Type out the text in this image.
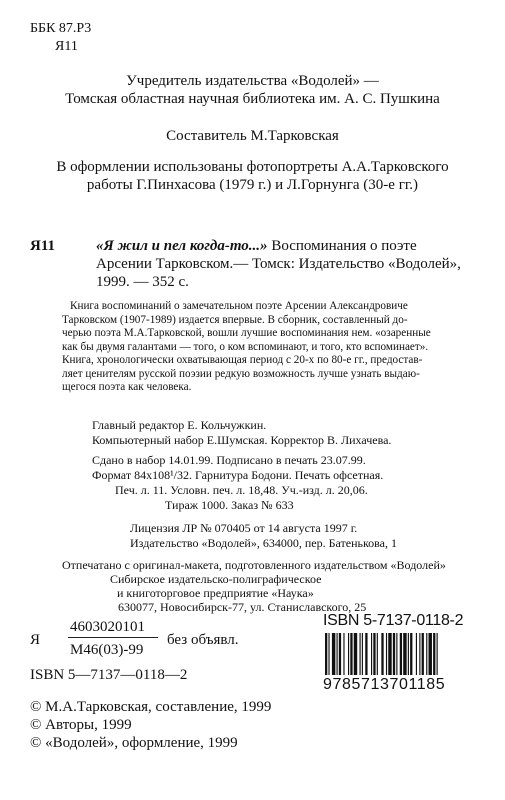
ББК 87.Р3
Я11
Учредитель издательства «Водолей» —
Томская областная научная библиотека им. А. С. Пушкина
Составитель М.Тарковская
В оформлении использованы фотопортреты А.А.Тарковского
работы Г.Пинхасова (1979 г.) и Л.Горнунга (30-е гг.)
Я11	«Я жил и пел когда-то...» Воспоминания о поэте
Арсении Тарковском.— Томск: Издательство «Водолей»,
1999. — 352 с.
Книга воспоминаний о замечательном поэте Арсении Александровиче
Тарковском (1907-1989) издается впервые. В сборник, составленный до-
черью поэта М.А.Тарковской, вошли лучшие воспоминания нем. «озаренные
как бы двумя галантами — того, о ком вспоминают, и того, кто вспоминает».
Книга, хронологически охватывающая период с 20-х по 80-е гг., предостав-
ляет ценителям русской поэзии редкую возможность лучше узнать выдаю-
щегося поэта как человека.
Главный редактор Е. Кольчужкин.
Компьютерный набор Е.Шумская. Корректор В. Лихачева.
Сдано в набор 14.01.99. Подписано в печать 23.07.99.
Формат 84х108¹/32. Гарнитура Бодони. Печать офсетная.
Печ. л. 11. Условн. печ. л. 18,48. Уч.-изд. л. 20,06.
Тираж 1000. Заказ № 633
Лицензия ЛР № 070405 от 14 августа 1997 г.
Издательство «Водолей», 634000, пер. Батенькова, 1
Отпечатано с оригинал-макета, подготовленного издательством «Водолей»
Сибирское издательско-полиграфическое
и книготорговое предприятие «Наука»
630077, Новосибирск-77, ул. Станиславского, 25
Я
4603020101
М46(03)-99
без объявл.
ISBN 5—7137—0118—2
ISBN 5-7137-0118-2
9785713701185
© М.А.Тарковская, составление, 1999
© Авторы, 1999
© «Водолей», оформление, 1999
